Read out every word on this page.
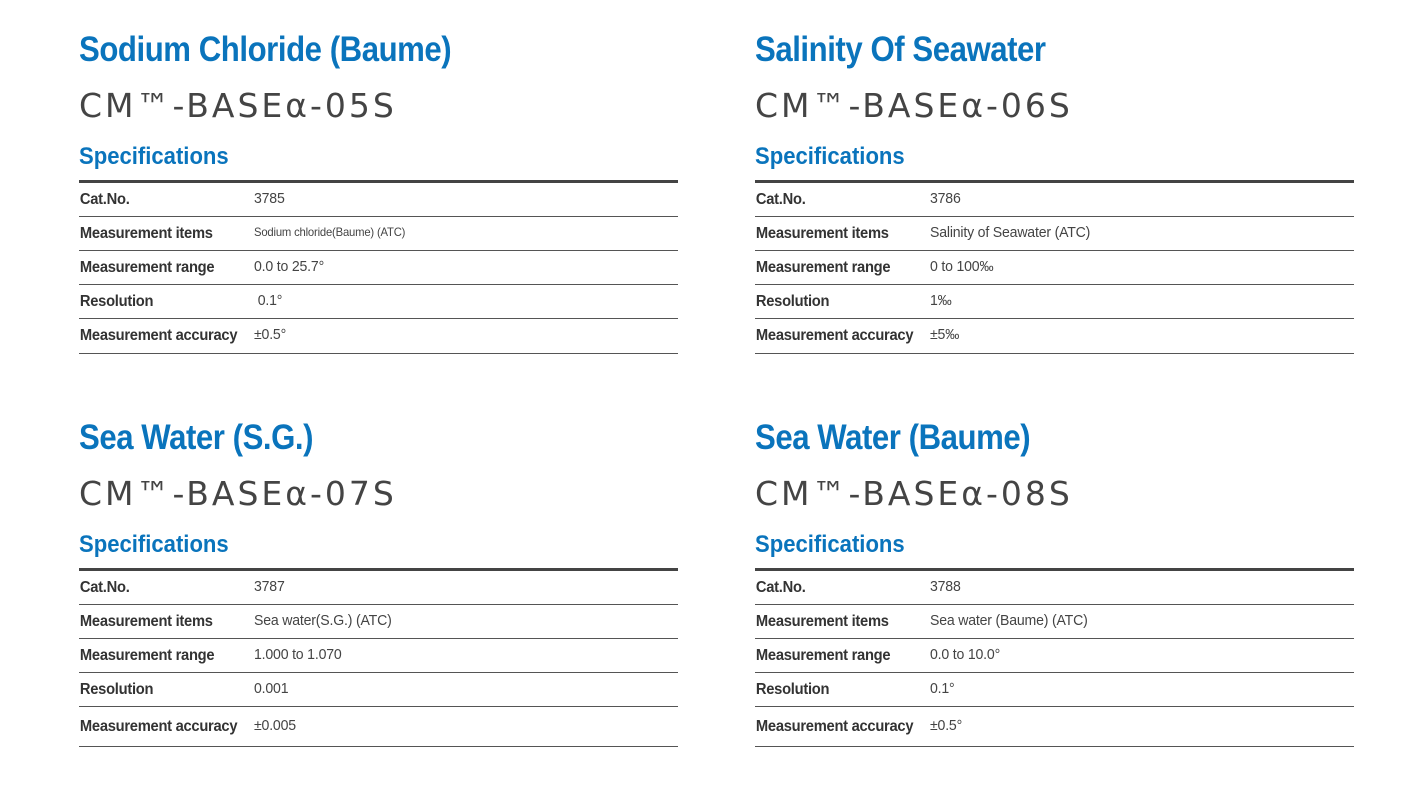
Sodium Chloride (Baume)
CM™-BASEα-05S
Specifications
Cat.No.	3785
Measurement items	Sodium chloride(Baume) (ATC)
Measurement range	0.0 to 25.7°
Resolution	0.1°
Measurement accuracy ±0.5°
Salinity Of Seawater
CM™-BASEα-06S
Specifications
Cat.No.	3786
Measurement items	Salinity of Seawater (ATC)
Measurement range	0 to 100‰
Resolution	1‰
Measurement accuracy ±5‰
Sea Water (S.G.)
CM™-BASEα-07S
Specifications
Cat.No.	3787
Measurement items	Sea water(S.G.) (ATC)
Measurement range	1.000 to 1.070
Resolution	0.001
Measurement accuracy ±0.005
Sea Water (Baume)
CM™-BASEα-08S
Specifications
Cat.No.	3788
Measurement items	Sea water (Baume) (ATC)
Measurement range	0.0 to 10.0°
Resolution	0.1°
Measurement accuracy ±0.5°
